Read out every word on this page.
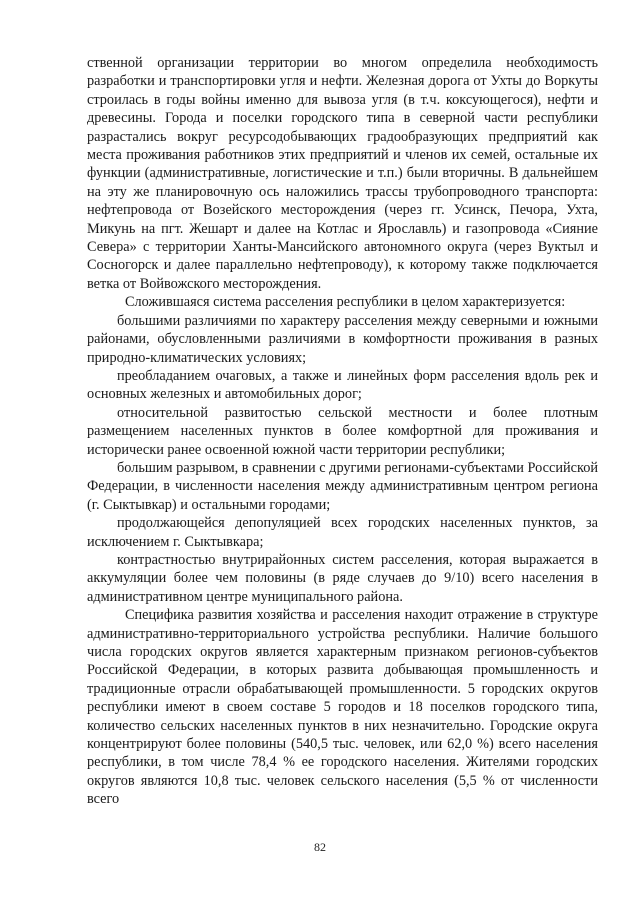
ственной организации территории во многом определила необходимость разработки и транспортировки угля и нефти. Железная дорога от Ухты до Воркуты строилась в годы войны именно для вывоза угля (в т.ч. коксующегося), нефти и древесины. Города и поселки городского типа в северной части республики разрастались вокруг ресурсодобывающих градообразующих предприятий как места проживания работников этих предприятий и членов их семей, остальные их функции (административные, логистические и т.п.) были вторичны. В дальнейшем на эту же планировочную ось наложились трассы трубопроводного транспорта: нефтепровода от Возейского месторождения (через гг. Усинск, Печора, Ухта, Микунь на пгт. Жешарт и далее на Котлас и Ярославль) и газопровода «Сияние Севера» с территории Ханты-Мансийского автономного округа (через Вуктыл и Сосногорск и далее параллельно нефтепроводу), к которому также подключается ветка от Войвожского месторождения.

Сложившаяся система расселения республики в целом характеризуется:

большими различиями по характеру расселения между северными и южными районами, обусловленными различиями в комфортности проживания в разных природно-климатических условиях;

преобладанием очаговых, а также и линейных форм расселения вдоль рек и основных железных и автомобильных дорог;

относительной развитостью сельской местности и более плотным размещением населенных пунктов в более комфортной для проживания и исторически ранее освоенной южной части территории республики;

большим разрывом, в сравнении с другими регионами-субъектами Российской Федерации, в численности населения между административным центром региона (г. Сыктывкар) и остальными городами;

продолжающейся депопуляцией всех городских населенных пунктов, за исключением г. Сыктывкара;

контрастностью внутрирайонных систем расселения, которая выражается в аккумуляции более чем половины (в ряде случаев до 9/10) всего населения в административном центре муниципального района.

Специфика развития хозяйства и расселения находит отражение в структуре административно-территориального устройства республики. Наличие большого числа городских округов является характерным признаком регионов-субъектов Российской Федерации, в которых развита добывающая промышленность и традиционные отрасли обрабатывающей промышленности. 5 городских округов республики имеют в своем составе 5 городов и 18 поселков городского типа, количество сельских населенных пунктов в них незначительно. Городские округа концентрируют более половины (540,5 тыс. человек, или 62,0 %) всего населения республики, в том числе 78,4 % ее городского населения. Жителями городских округов являются 10,8 тыс. человек сельского населения (5,5 % от численности всего

82
